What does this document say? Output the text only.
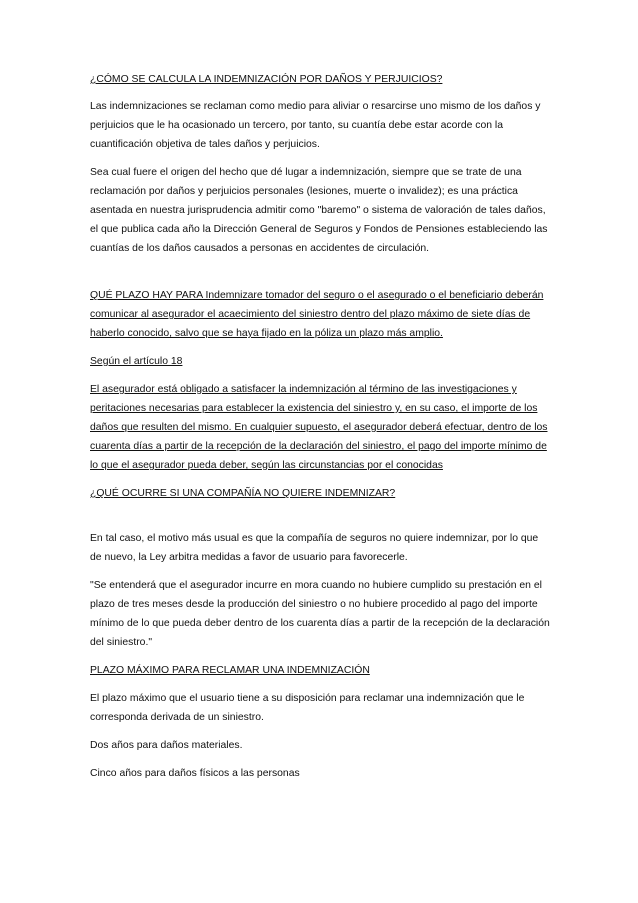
¿CÓMO SE CALCULA LA INDEMNIZACIÓN POR DAÑOS Y PERJUICIOS?

Las indemnizaciones se reclaman como medio para aliviar o resarcirse uno mismo de los daños y perjuicios que le ha ocasionado un tercero, por tanto, su cuantía debe estar acorde con la cuantificación objetiva de tales daños y perjuicios.

Sea cual fuere el origen del hecho que dé lugar a indemnización, siempre que se trate de una reclamación por daños y perjuicios personales (lesiones, muerte o invalidez); es una práctica asentada en nuestra jurisprudencia admitir como "baremo" o sistema de valoración de tales daños, el que publica cada año la Dirección General de Seguros y Fondos de Pensiones estableciendo las cuantías de los daños causados a personas en accidentes de circulación.

QUÉ PLAZO HAY PARA Indemnizare tomador del seguro o el asegurado o el beneficiario deberán comunicar al asegurador el acaecimiento del siniestro dentro del plazo máximo de siete días de haberlo conocido, salvo que se haya fijado en la póliza un plazo más amplio.

Según el artículo 18

El asegurador está obligado a satisfacer la indemnización al término de las investigaciones y peritaciones necesarias para establecer la existencia del siniestro y, en su caso, el importe de los daños que resulten del mismo. En cualquier supuesto, el asegurador deberá efectuar, dentro de los cuarenta días a partir de la recepción de la declaración del siniestro, el pago del importe mínimo de lo que el asegurador pueda deber, según las circunstancias por el conocidas

¿QUÉ OCURRE SI UNA COMPAÑÍA NO QUIERE INDEMNIZAR?

En tal caso, el motivo más usual es que la compañía de seguros no quiere indemnizar, por lo que de nuevo, la Ley arbitra medidas a favor de usuario para favorecerle.

"Se entenderá que el asegurador incurre en mora cuando no hubiere cumplido su prestación en el plazo de tres meses desde la producción del siniestro o no hubiere procedido al pago del importe mínimo de lo que pueda deber dentro de los cuarenta días a partir de la recepción de la declaración del siniestro."

PLAZO MÁXIMO PARA RECLAMAR UNA INDEMNIZACIÓN

El plazo máximo que el usuario tiene a su disposición para reclamar una indemnización que le corresponda derivada de un siniestro.

Dos años para daños materiales.

Cinco años para daños físicos a las personas
